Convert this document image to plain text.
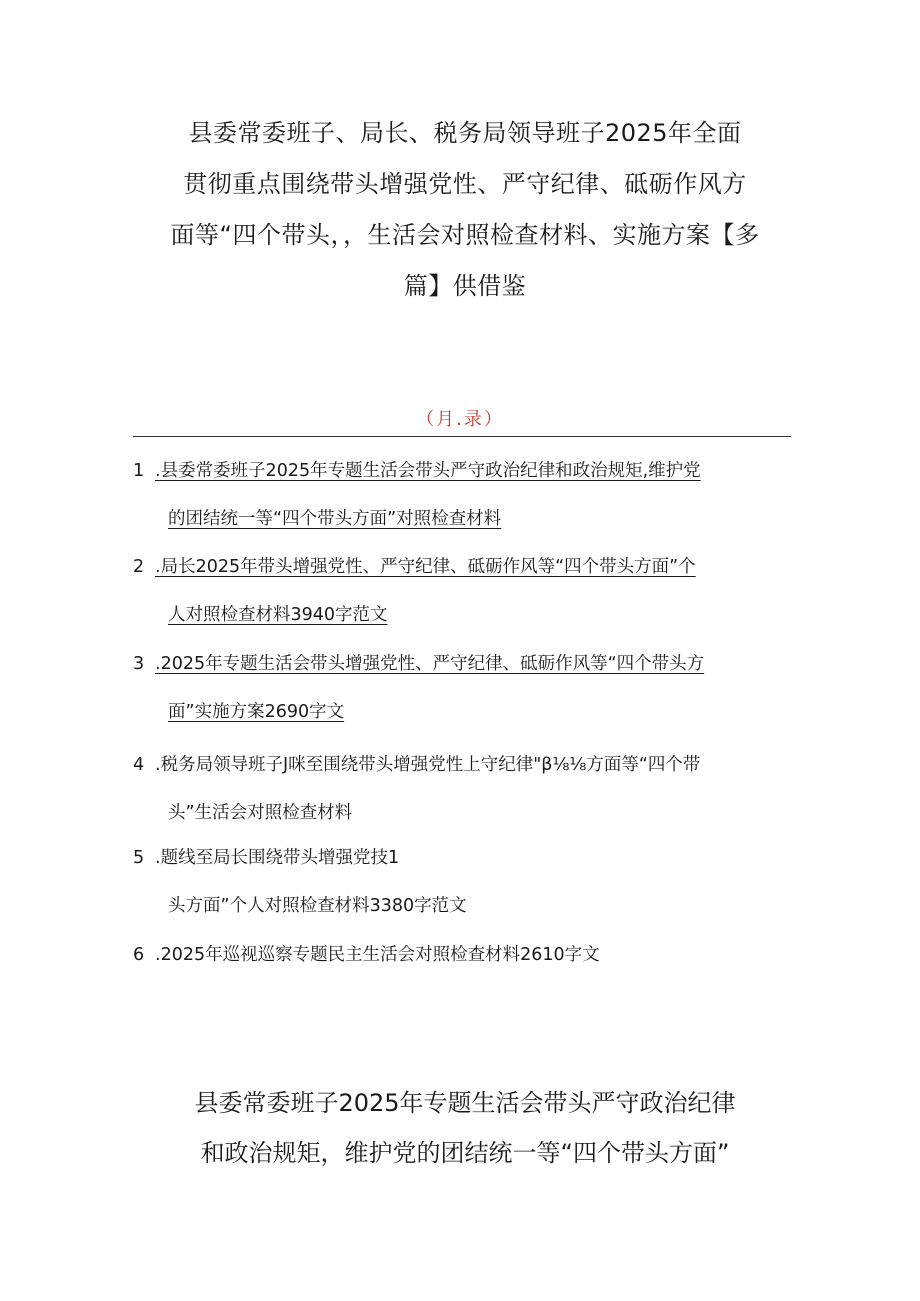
县委常委班子、局长、税务局领导班子2025年全面
贯彻重点围绕带头增强党性、严守纪律、砥砺作风方
面等“四个带头，，生活会对照检查材料、实施方案【多
篇】供借鉴
（月.录）
1 .县委常委班子2025年专题生活会带头严守政治纪律和政治规矩,维护党
的团结统一等“四个带头方面”对照检查材料
2 .局长2025年带头增强党性、严守纪律、砥砺作风等“四个带头方面”个
人对照检查材料3940字范文
3 .2025年专题生活会带头增强党性、严守纪律、砥砺作风等“四个带头方
面”实施方案2690字文
4 .税务局领导班子J咪至围绕带头增强党性上守纪律"β⅛⅛方面等“四个带
头”生活会对照检查材料
5 .题线至局长围绕带头增强党技1
头方面”个人对照检查材料3380字范文
6 .2025年巡视巡察专题民主生活会对照检查材料2610字文
县委常委班子2025年专题生活会带头严守政治纪律
和政治规矩，维护党的团结统一等“四个带头方面”
